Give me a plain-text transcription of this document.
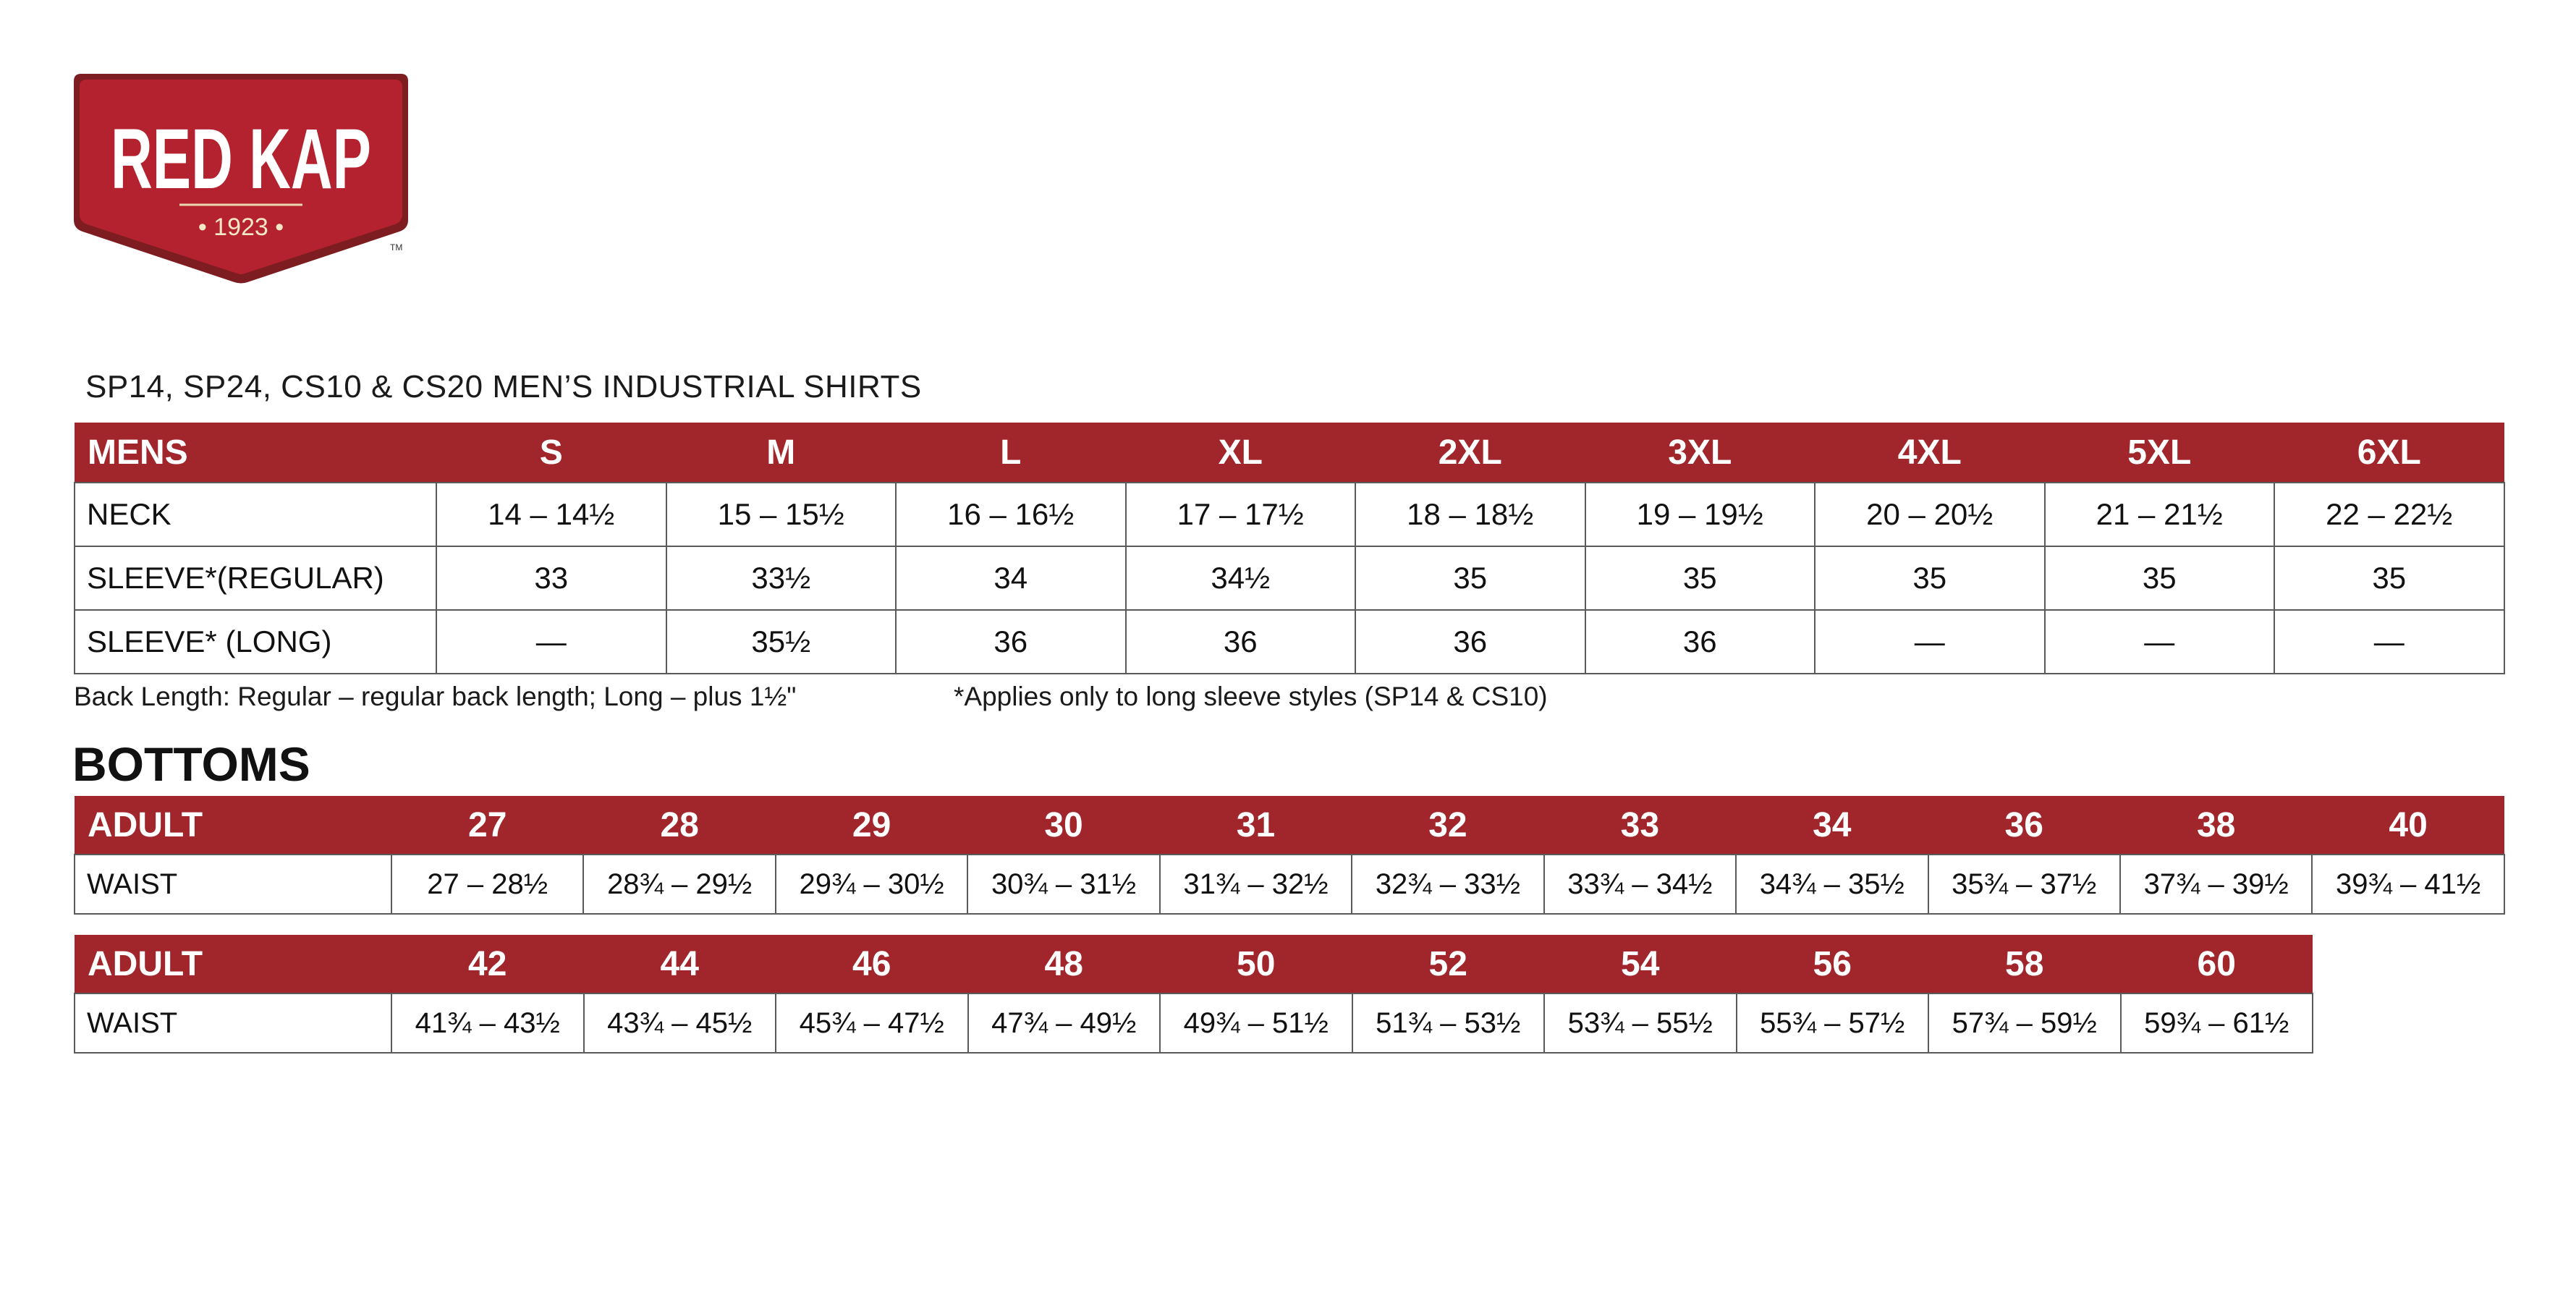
RED KAP
• 1923 •
TM
SP14, SP24, CS10 & CS20 MEN’S INDUSTRIAL SHIRTS
MENS	S	M	L	XL	2XL	3XL	4XL	5XL	6XL
NECK	14 – 14½	15 – 15½	16 – 16½	17 – 17½	18 – 18½	19 – 19½	20 – 20½	21 – 21½	22 – 22½
SLEEVE*(REGULAR)	33	33½	34	34½	35	35	35	35	35
SLEEVE* (LONG)	—	35½	36	36	36	36	—	—	—
Back Length: Regular – regular back length; Long – plus 1½"	*Applies only to long sleeve styles (SP14 & CS10)
BOTTOMS
ADULT	27	28	29	30	31	32	33	34	36	38	40
WAIST	27 – 28½	28¾ – 29½	29¾ – 30½	30¾ – 31½	31¾ – 32½	32¾ – 33½	33¾ – 34½	34¾ – 35½	35¾ – 37½	37¾ – 39½	39¾ – 41½
ADULT	42	44	46	48	50	52	54	56	58	60
WAIST	41¾ – 43½	43¾ – 45½	45¾ – 47½	47¾ – 49½	49¾ – 51½	51¾ – 53½	53¾ – 55½	55¾ – 57½	57¾ – 59½	59¾ – 61½
